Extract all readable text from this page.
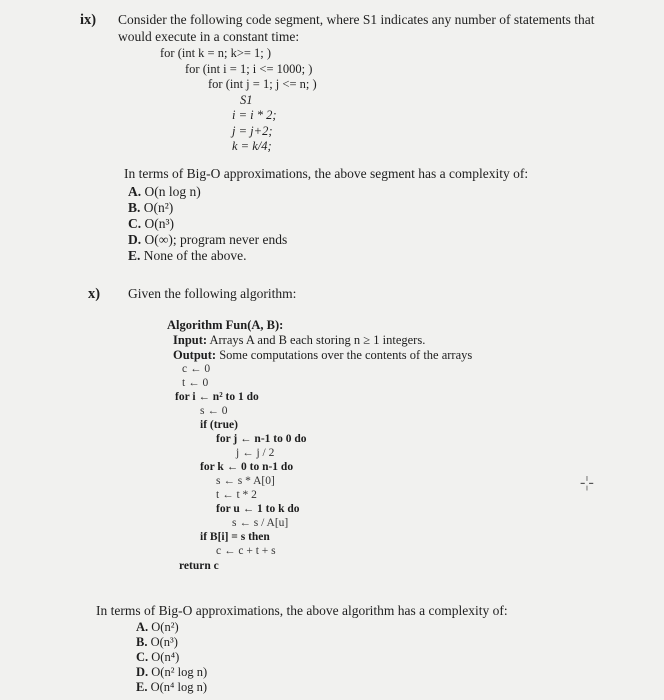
ix) Consider the following code segment, where S1 indicates any number of statements that
would execute in a constant time:
for (int k = n; k>= 1; )
for (int i = 1; i <= 1000; )
for (int j = 1; j <= n; )
S1
i = i * 2;
j = j+2;
k = k/4;
In terms of Big-O approximations, the above segment has a complexity of:
A. O(n log n)
B. O(n²)
C. O(n³)
D. O(∞); program never ends
E. None of the above.
x) Given the following algorithm:
Algorithm Fun(A, B):
Input: Arrays A and B each storing n ≥ 1 integers.
Output: Some computations over the contents of the arrays
c ← 0
t ← 0
for i ← n² to 1 do
s ← 0
if (true)
for j ← n-1 to 0 do
j ← j / 2
for k ← 0 to n-1 do
s ← s * A[0]
t ← t * 2
for u ← 1 to k do
s ← s / A[u]
if B[i] = s then
c ← c + t + s
return c
-¦-
In terms of Big-O approximations, the above algorithm has a complexity of:
A. O(n²)
B. O(n³)
C. O(n⁴)
D. O(n² log n)
E. O(n⁴ log n)
